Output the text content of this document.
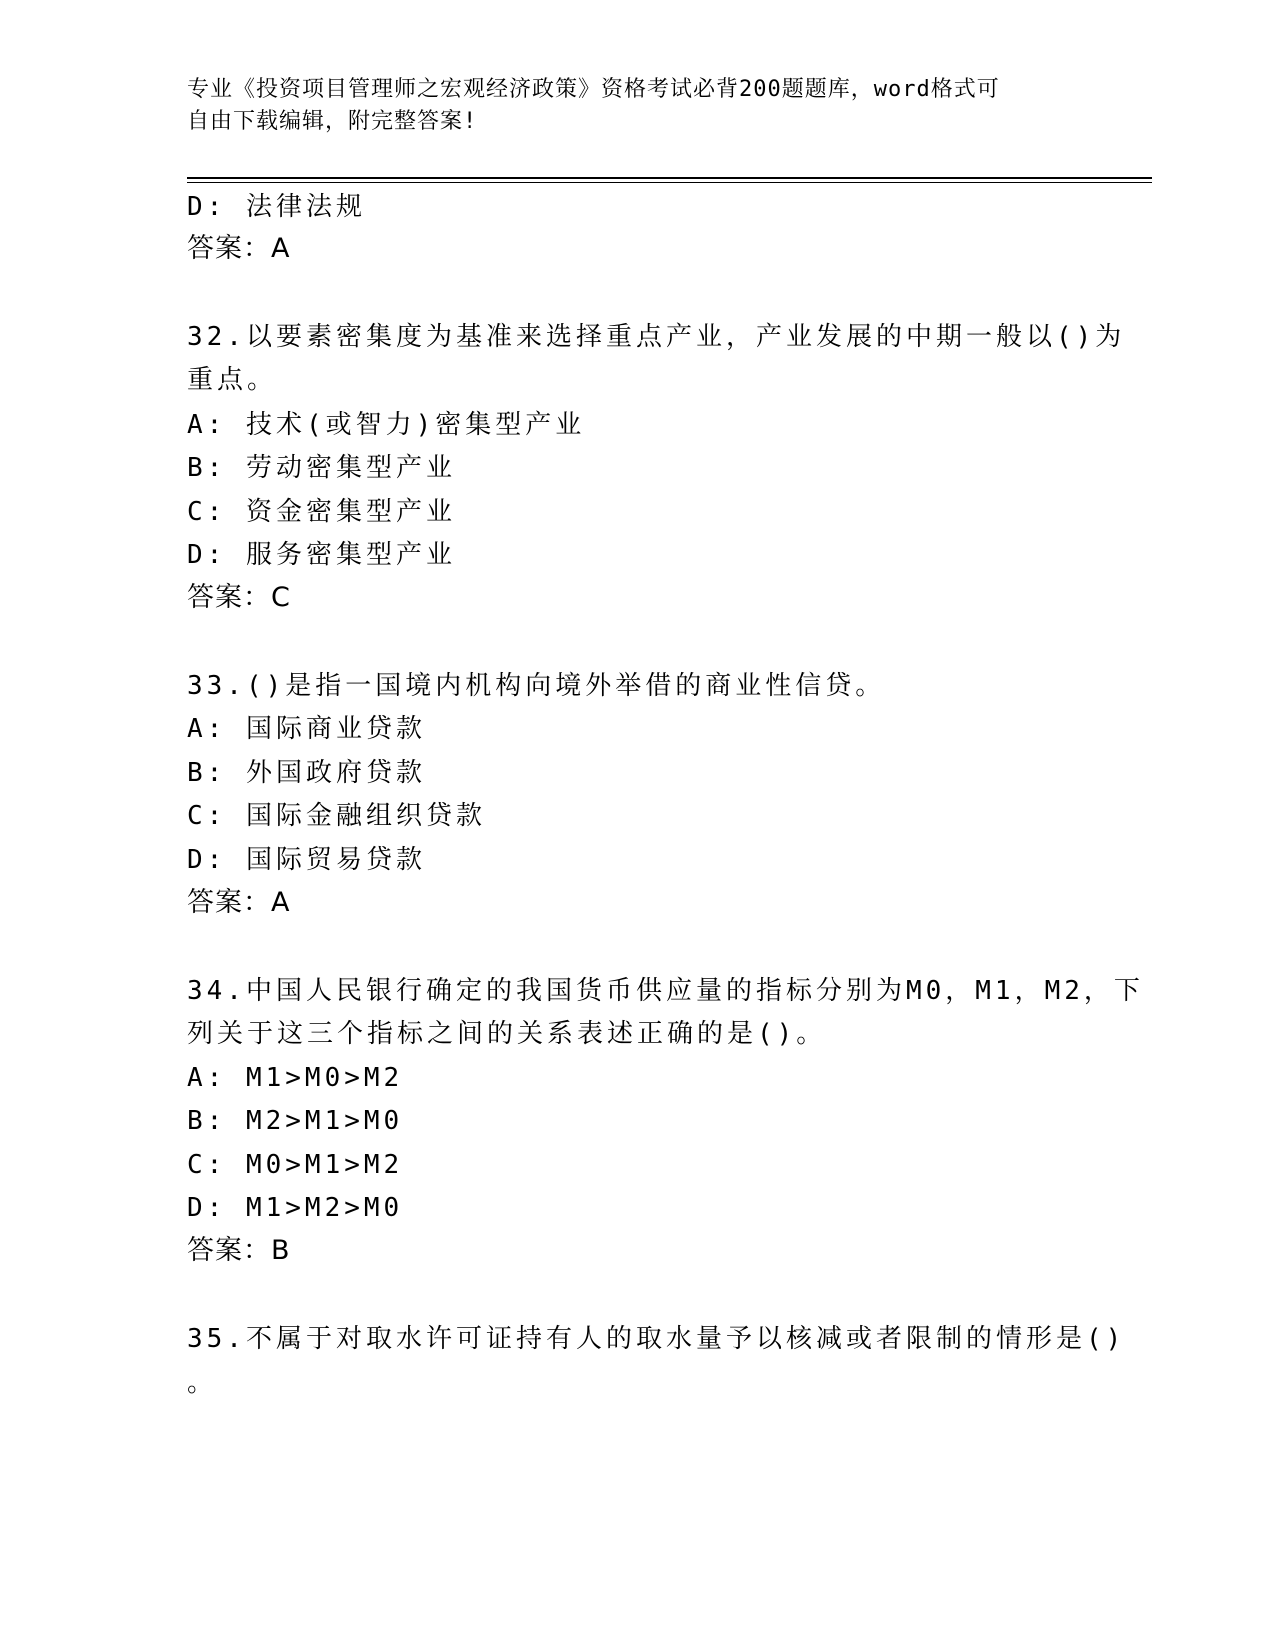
专业《投资项目管理师之宏观经济政策》资格考试必背200题题库，word格式可
自由下载编辑，附完整答案!
D: 法律法规
答案：A
32.以要素密集度为基准来选择重点产业，产业发展的中期一般以()为
重点。
A: 技术(或智力)密集型产业
B: 劳动密集型产业
C: 资金密集型产业
D: 服务密集型产业
答案：C
33.()是指一国境内机构向境外举借的商业性信贷。
A: 国际商业贷款
B: 外国政府贷款
C: 国际金融组织贷款
D: 国际贸易贷款
答案：A
34.中国人民银行确定的我国货币供应量的指标分别为M0，M1，M2，下
列关于这三个指标之间的关系表述正确的是()。
A: M1>M0>M2
B: M2>M1>M0
C: M0>M1>M2
D: M1>M2>M0
答案：B
35.不属于对取水许可证持有人的取水量予以核减或者限制的情形是()
。
